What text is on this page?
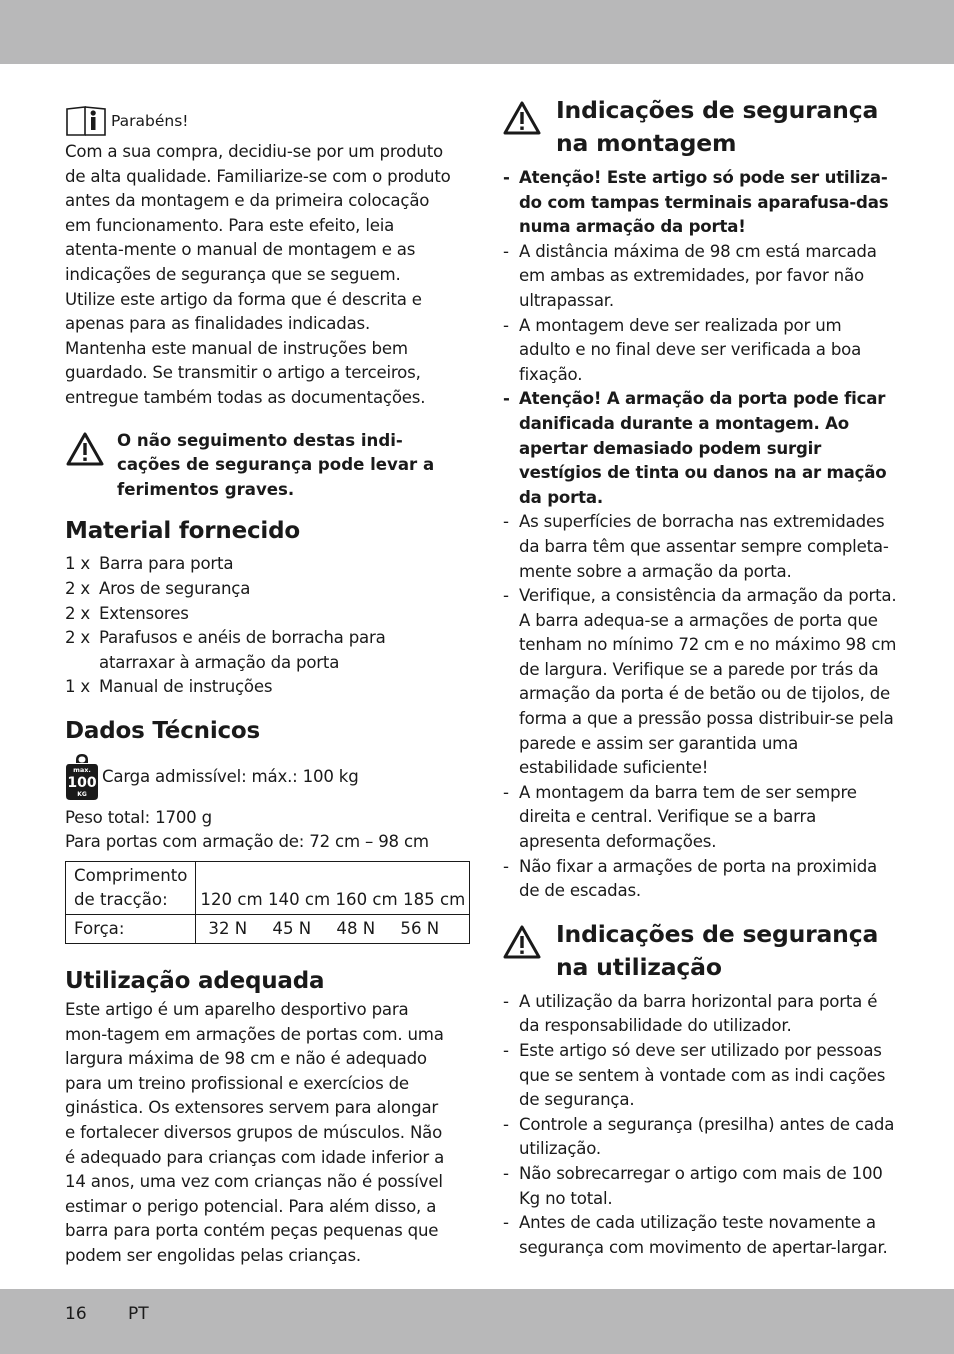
Parabéns!

Com a sua compra, decidiu-se por um produto de alta qualidade. Familiarize-se com o produto antes da montagem e da primeira colocação em funcionamento. Para este efeito, leia atenta-mente o manual de montagem e as indicações de segurança que se seguem. Utilize este artigo da forma que é descrita e apenas para as finalidades indicadas. Mantenha este manual de instruções bem guardado. Se transmitir o artigo a terceiros, entregue também todas as documentações.

O não seguimento destas indi-cações de segurança pode levar a ferimentos graves.
Material fornecido
1 x Barra para porta
2 x Aros de segurança
2 x Extensores
2 x Parafusos e anéis de borracha para atarraxar à armação da porta
1 x Manual de instruções
Dados Técnicos
max.
100
KG
Carga admissível: máx.: 100 kg

Peso total: 1700 g

Para portas com armação de: 72 cm – 98 cm

Comprimento de tracção:	120 cm 140 cm 160 cm 185 cm
Força:	32 N 45 N 48 N 56 N
Utilização adequada

Este artigo é um aparelho desportivo para mon-tagem em armações de portas com. uma largura máxima de 98 cm e não é adequado para um treino profissional e exercícios de ginástica. Os extensores servem para alongar e fortalecer diversos grupos de músculos. Não é adequado para crianças com idade inferior a 14 anos, uma vez com crianças não é possível estimar o perigo potencial. Para além disso, a barra para porta contém peças pequenas que podem ser engolidas pelas crianças.

Indicações de segurança na montagem
- Atenção! Este artigo só pode ser utiliza-do com tampas terminais aparafusa-das numa armação da porta!
- A distância máxima de 98 cm está marcada em ambas as extremidades, por favor não ultrapassar.
- A montagem deve ser realizada por um adulto e no final deve ser verificada a boa fixação.
- Atenção! A armação da porta pode ficar danificada durante a montagem. Ao apertar demasiado podem surgir vestígios de tinta ou danos na ar mação da porta.
- As superfícies de borracha nas extremidades da barra têm que assentar sempre completa-mente sobre a armação da porta.
- Verifique, a consistência da armação da porta. A barra adequa-se a armações de porta que tenham no mínimo 72 cm e no máximo 98 cm de largura. Verifique se a parede por trás da armação da porta é de betão ou de tijolos, de forma a que a pressão possa distribuir-se pela parede e assim ser garantida uma estabilidade suficiente!
- A montagem da barra tem de ser sempre direita e central. Verifique se a barra apresenta deformações.
- Não fixar a armações de porta na proximida de de escadas.
Indicações de segurança na utilização
- A utilização da barra horizontal para porta é da responsabilidade do utilizador.
- Este artigo só deve ser utilizado por pessoas que se sentem à vontade com as indi cações de segurança.
- Controle a segurança (presilha) antes de cada utilização.
- Não sobrecarregar o artigo com mais de 100 Kg no total.
- Antes de cada utilização teste novamente a segurança com movimento de apertar-largar.
16 PT
